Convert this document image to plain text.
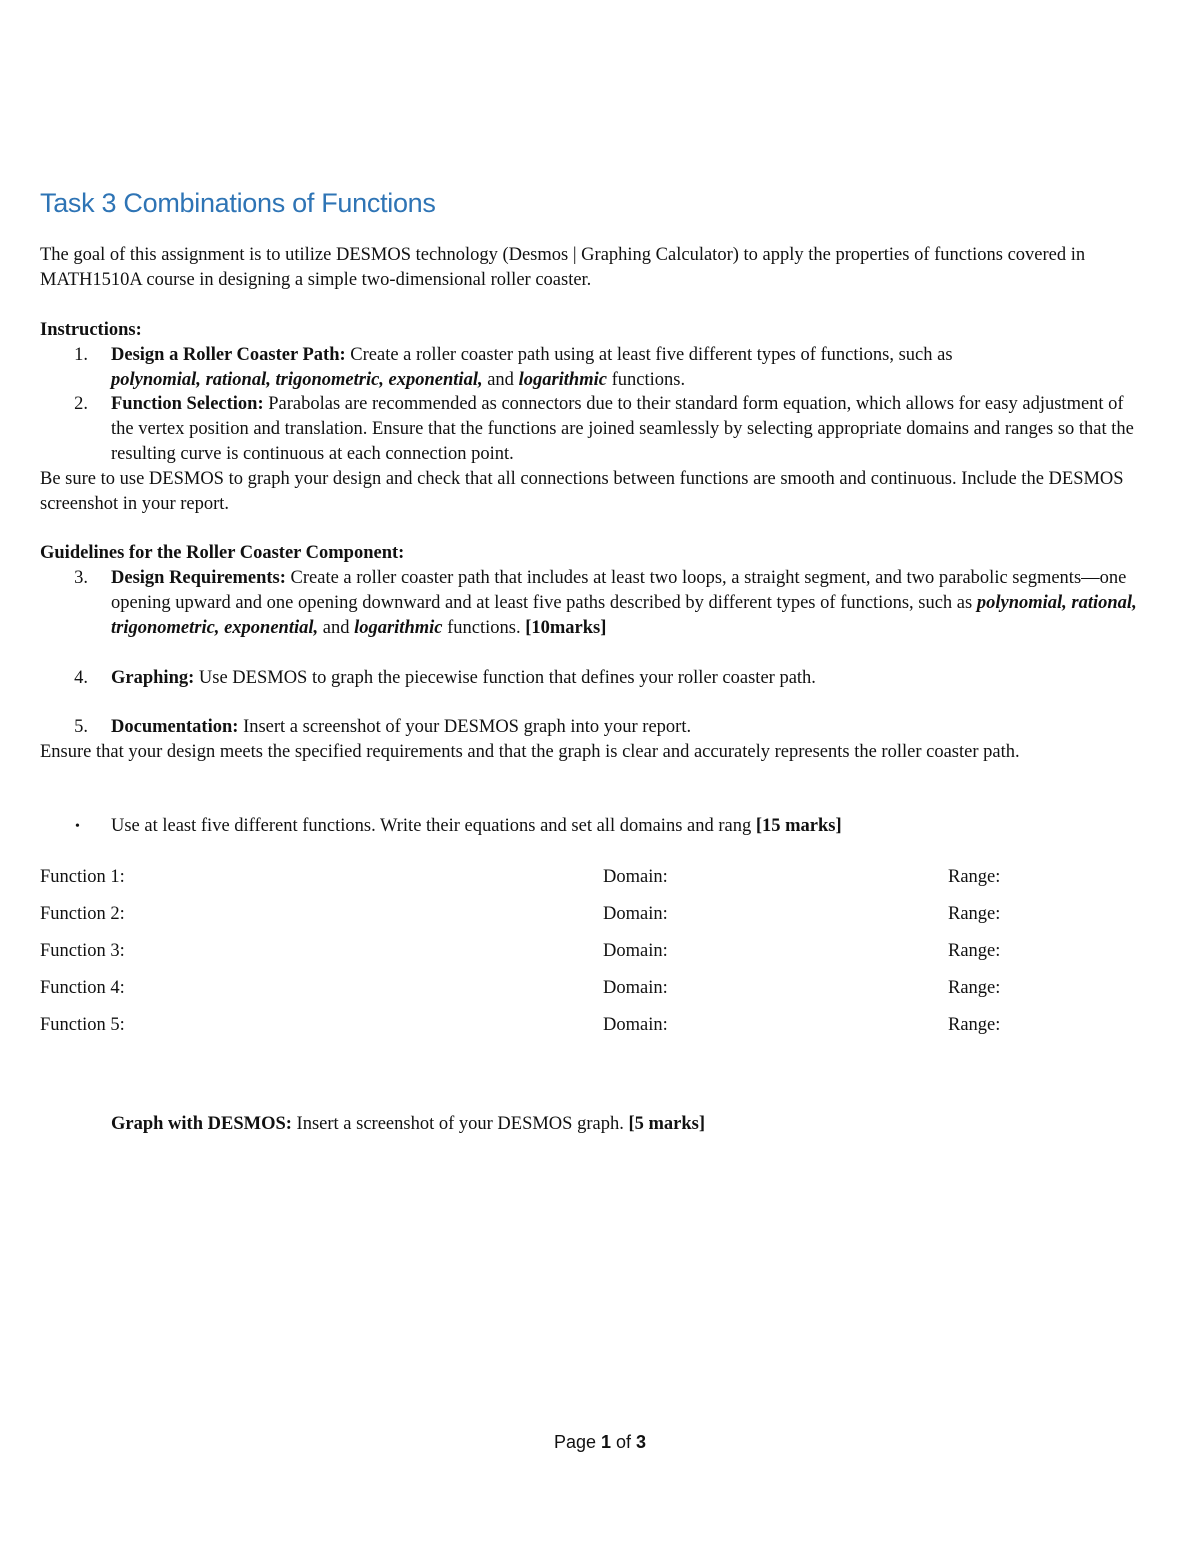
Task 3 Combinations of Functions
The goal of this assignment is to utilize DESMOS technology (Desmos | Graphing Calculator) to apply the properties of functions covered in MATH1510A course in designing a simple two-dimensional roller coaster.
Instructions:
1. Design a Roller Coaster Path: Create a roller coaster path using at least five different types of functions, such as
polynomial, rational, trigonometric, exponential, and logarithmic functions.
2. Function Selection: Parabolas are recommended as connectors due to their standard form equation, which allows for easy adjustment of the vertex position and translation. Ensure that the functions are joined seamlessly by selecting appropriate domains and ranges so that the resulting curve is continuous at each connection point.
Be sure to use DESMOS to graph your design and check that all connections between functions are smooth and continuous. Include the DESMOS screenshot in your report.
Guidelines for the Roller Coaster Component:
3. Design Requirements: Create a roller coaster path that includes at least two loops, a straight segment, and two parabolic segments—one opening upward and one opening downward and at least five paths described by different types of functions, such as polynomial, rational, trigonometric, exponential, and logarithmic functions. [10marks]
4. Graphing: Use DESMOS to graph the piecewise function that defines your roller coaster path.
5. Documentation: Insert a screenshot of your DESMOS graph into your report.
Ensure that your design meets the specified requirements and that the graph is clear and accurately represents the roller coaster path.
• Use at least five different functions. Write their equations and set all domains and rang [15 marks]
Function 1:	Domain:	Range:
Function 2:	Domain:	Range:
Function 3:	Domain:	Range:
Function 4:	Domain:	Range:
Function 5:	Domain:	Range:
Graph with DESMOS: Insert a screenshot of your DESMOS graph. [5 marks]
Page 1 of 3
